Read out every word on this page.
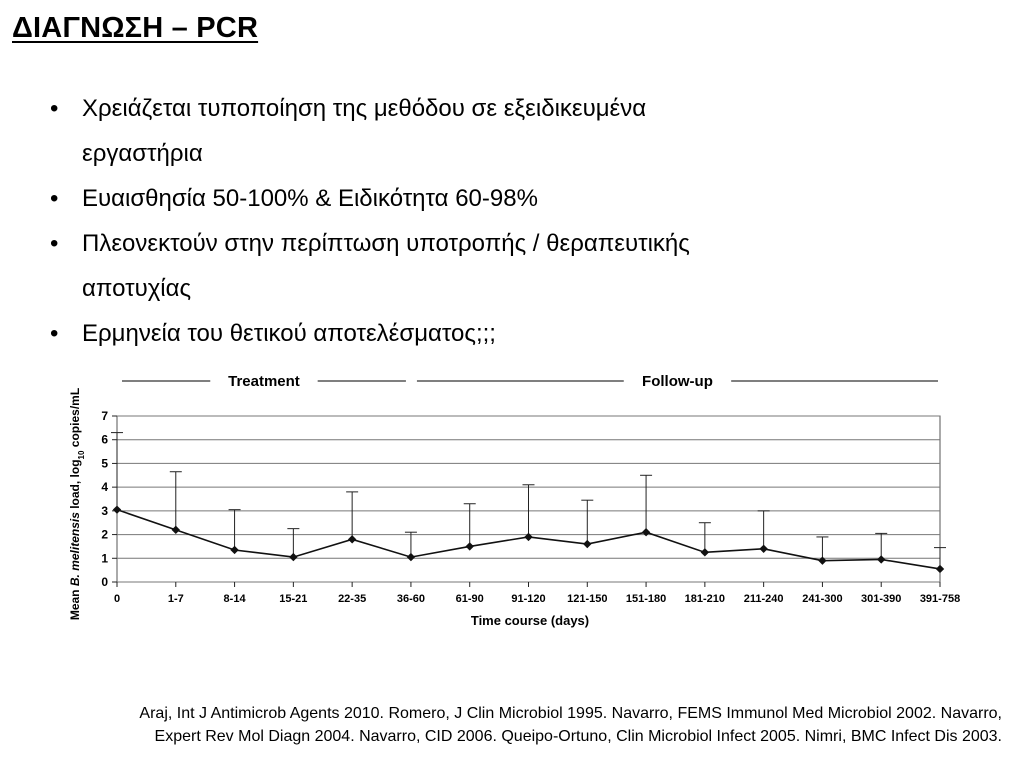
ΔΙΑΓΝΩΣΗ – PCR
• Χρειάζεται τυποποίηση της μεθόδου σε εξειδικευμένα
εργαστήρια
• Ευαισθησία 50-100% & Ειδικότητα 60-98%
• Πλεονεκτούν στην περίπτωση υποτροπής / θεραπευτικής
αποτυχίας
• Ερμηνεία του θετικού αποτελέσματος;;;
Treatment	Follow-up
0
1
2
3
4
5
6
7
0	1-7	8-14	15-21	22-35	36-60	61-90	91-120 121-150 151-180 181-210 211-240 241-300 301-390 391-758
Time course (days)
Mean B. melitensis load, $\log_{10}$ copies/mL
Araj, Int J Antimicrob Agents 2010. Romero, J Clin Microbiol 1995. Navarro, FEMS Immunol Med Microbiol 2002. Navarro,
Expert Rev Mol Diagn 2004. Navarro, CID 2006. Queipo-Ortuno, Clin Microbiol Infect 2005. Nimri, BMC Infect Dis 2003.
